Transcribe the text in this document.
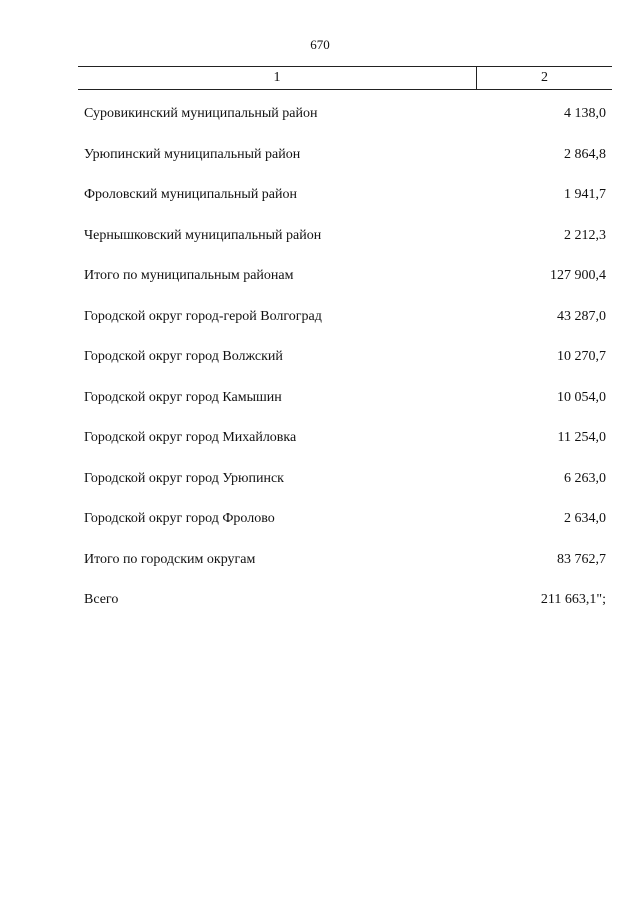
670
1	2
Суровикинский муниципальный район	4 138,0
Урюпинский муниципальный район	2 864,8
Фроловский муниципальный район	1 941,7
Чернышковский муниципальный район	2 212,3
Итого по муниципальным районам	127 900,4
Городской округ город-герой Волгоград	43 287,0
Городской округ город Волжский	10 270,7
Городской округ город Камышин	10 054,0
Городской округ город Михайловка	11 254,0
Городской округ город Урюпинск	6 263,0
Городской округ город Фролово	2 634,0
Итого по городским округам	83 762,7
Всего	211 663,1";
